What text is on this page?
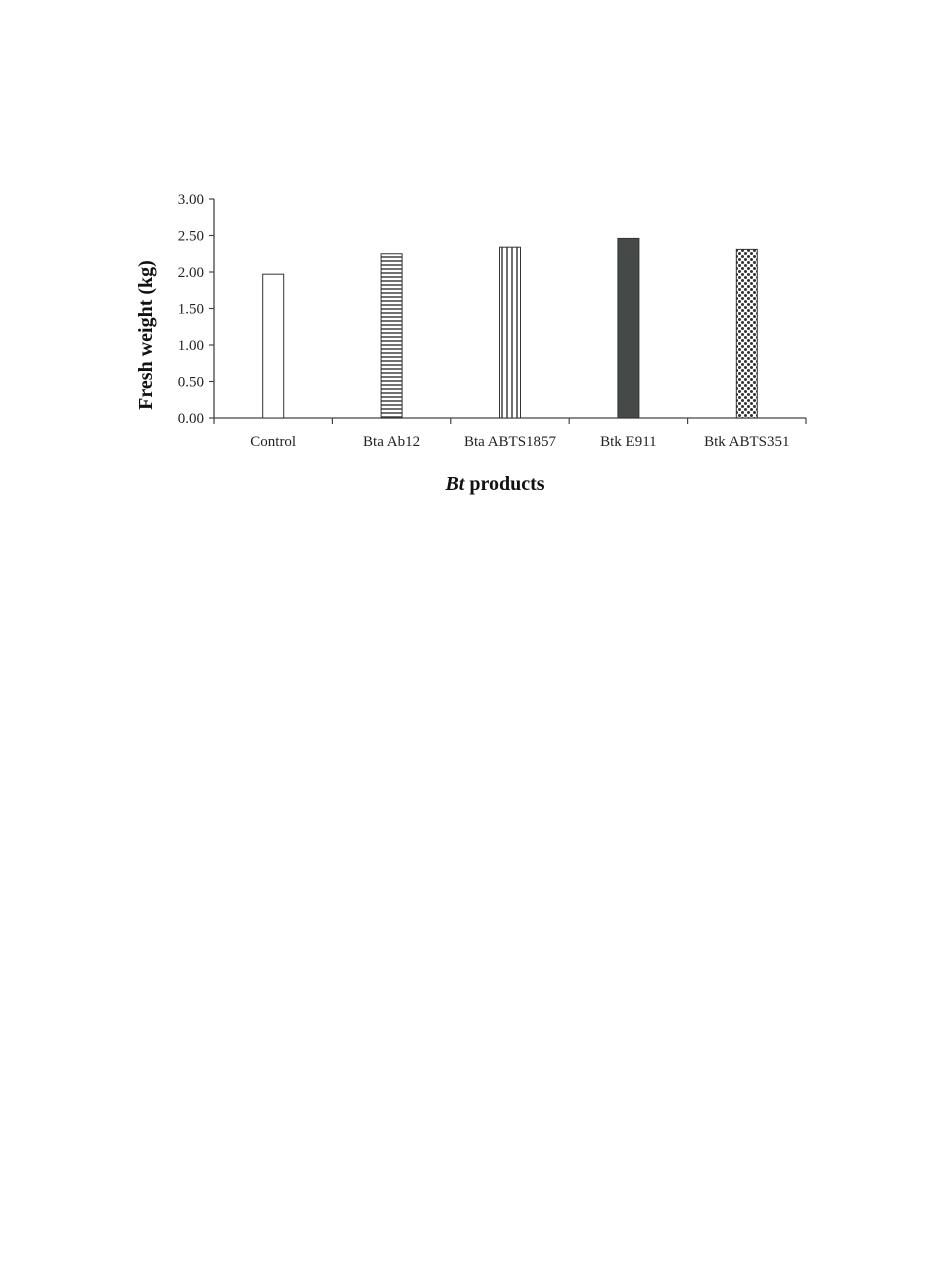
0.00
0.50
1.00
1.50
2.00
2.50
3.00
Control	Bta Ab12	Bta ABTS1857	Btk E911	Btk ABTS351
Fresh weight (kg)
Bt products
